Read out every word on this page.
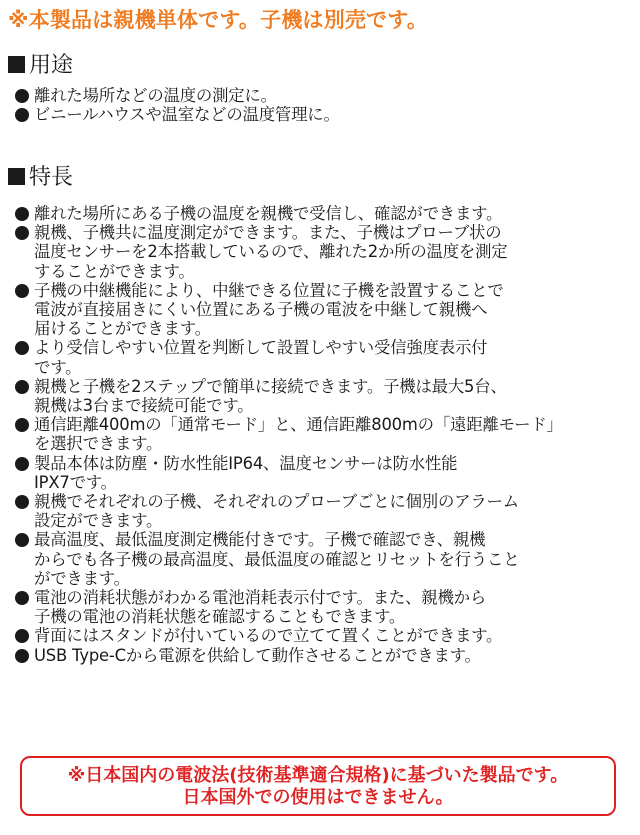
※本製品は親機単体です。子機は別売です。
用途
離れた場所などの温度の測定に。
ビニールハウスや温室などの温度管理に。
特長
離れた場所にある子機の温度を親機で受信し、確認ができます。
親機、子機共に温度測定ができます。また、子機はプローブ状の
温度センサーを2本搭載しているので、離れた2か所の温度を測定
することができます。
子機の中継機能により、中継できる位置に子機を設置することで
電波が直接届きにくい位置にある子機の電波を中継して親機へ
届けることができます。
より受信しやすい位置を判断して設置しやすい受信強度表示付
です。
親機と子機を2ステップで簡単に接続できます。子機は最大5台、
親機は3台まで接続可能です。
通信距離400mの「通常モード」と、通信距離800mの「遠距離モード」
を選択できます。
製品本体は防塵・防水性能IP64、温度センサーは防水性能
IPX7です。
親機でそれぞれの子機、それぞれのプローブごとに個別のアラーム
設定ができます。
最高温度、最低温度測定機能付きです。子機で確認でき、親機
からでも各子機の最高温度、最低温度の確認とリセットを行うこと
ができます。
電池の消耗状態がわかる電池消耗表示付です。また、親機から
子機の電池の消耗状態を確認することもできます。
背面にはスタンドが付いているので立てて置くことができます。
USB Type-Cから電源を供給して動作させることができます。
※日本国内の電波法(技術基準適合規格)に基づいた製品です。
日本国外での使用はできません。
